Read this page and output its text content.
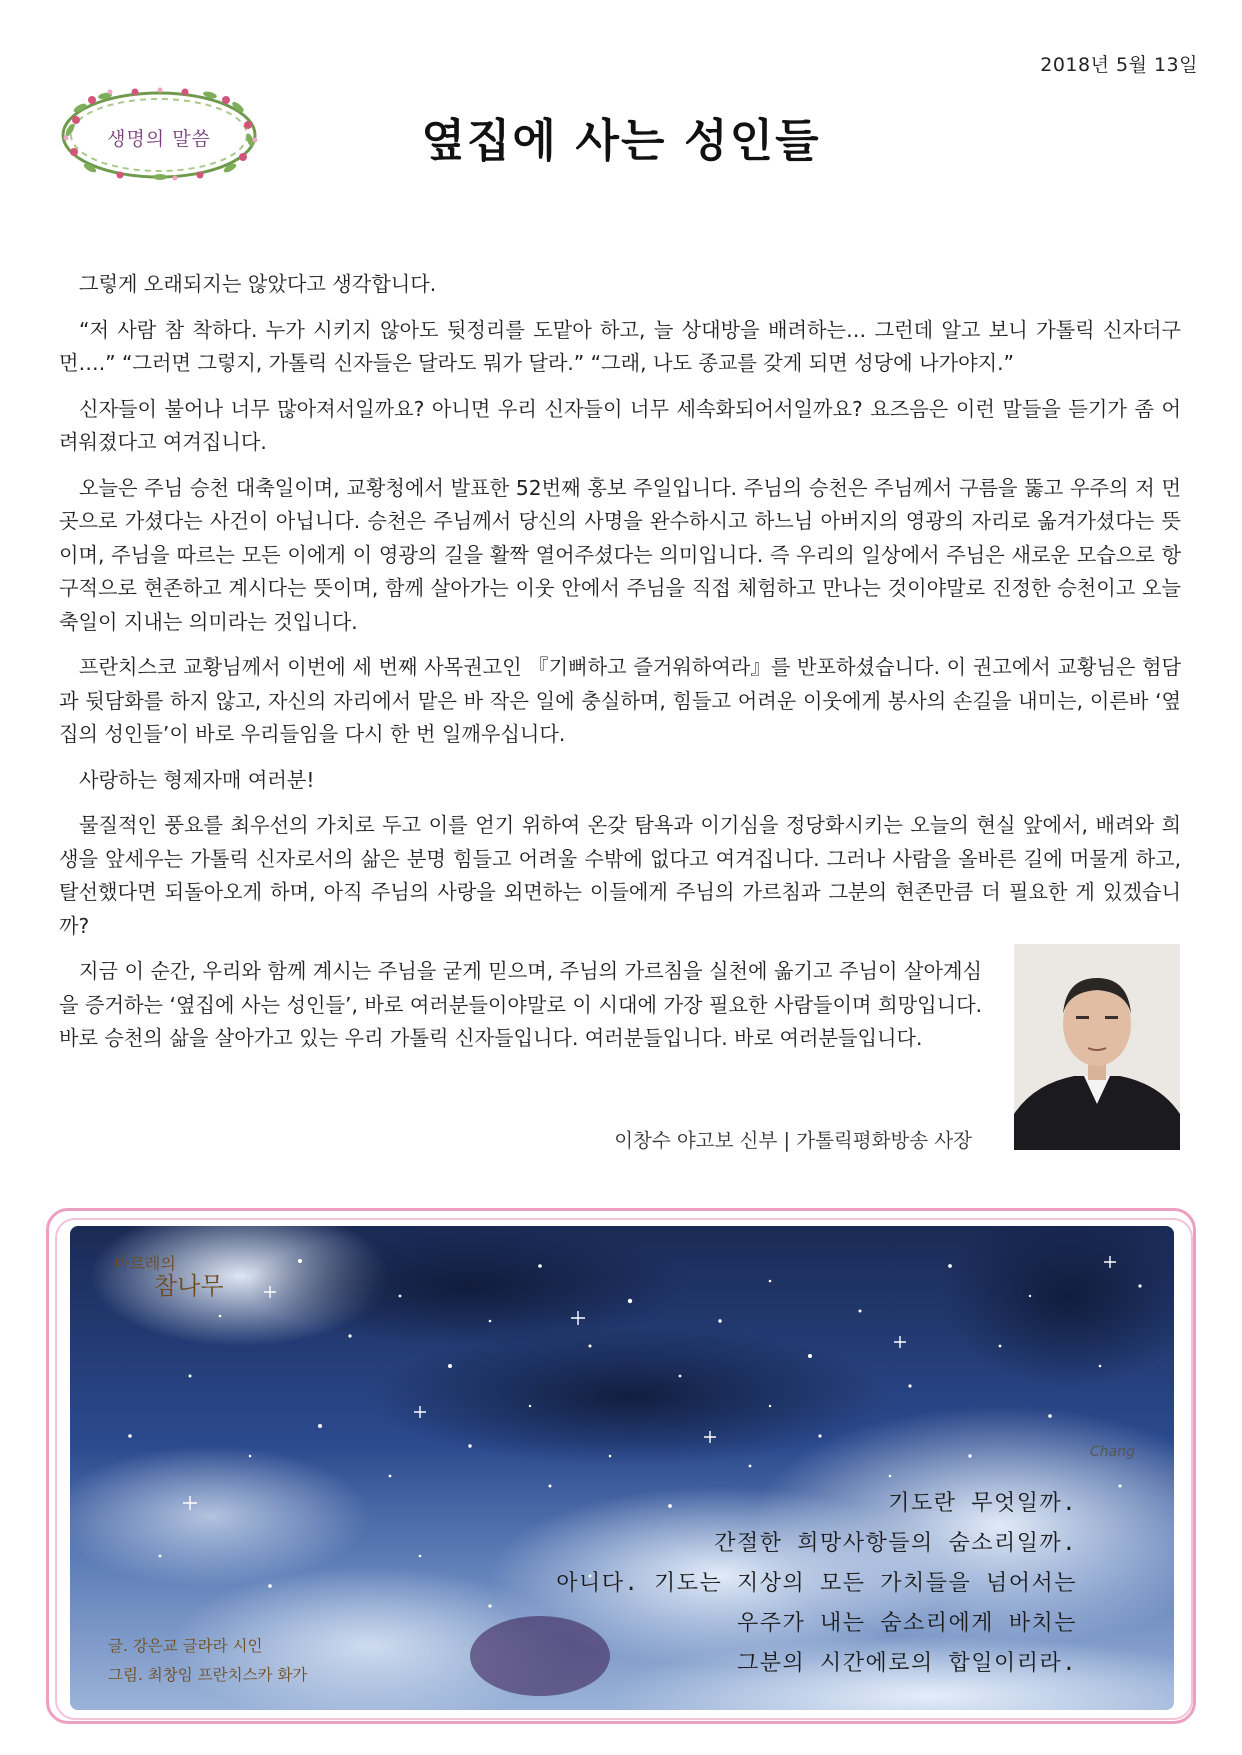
2018년 5월 13일
생명의 말씀	옆집에 사는 성인들

그렇게 오래되지는 않았다고 생각합니다.

“저 사람 참 착하다. 누가 시키지 않아도 뒷정리를 도맡아 하고, 늘 상대방을 배려하는… 그런데 알고 보니 가톨릭 신자더구먼….” “그러면 그렇지, 가톨릭 신자들은 달라도 뭐가 달라.” “그래, 나도 종교를 갖게 되면 성당에 나가야지.”

신자들이 불어나 너무 많아져서일까요? 아니면 우리 신자들이 너무 세속화되어서일까요? 요즈음은 이런 말들을 듣기가 좀 어려워졌다고 여겨집니다.

오늘은 주님 승천 대축일이며, 교황청에서 발표한 52번째 홍보 주일입니다. 주님의 승천은 주님께서 구름을 뚫고 우주의 저 먼 곳으로 가셨다는 사건이 아닙니다. 승천은 주님께서 당신의 사명을 완수하시고 하느님 아버지의 영광의 자리로 옮겨가셨다는 뜻이며, 주님을 따르는 모든 이에게 이 영광의 길을 활짝 열어주셨다는 의미입니다. 즉 우리의 일상에서 주님은 새로운 모습으로 항구적으로 현존하고 계시다는 뜻이며, 함께 살아가는 이웃 안에서 주님을 직접 체험하고 만나는 것이야말로 진정한 승천이고 오늘 축일이 지내는 의미라는 것입니다.

프란치스코 교황님께서 이번에 세 번째 사목권고인 『기뻐하고 즐거워하여라』를 반포하셨습니다. 이 권고에서 교황님은 험담과 뒷담화를 하지 않고, 자신의 자리에서 맡은 바 작은 일에 충실하며, 힘들고 어려운 이웃에게 봉사의 손길을 내미는, 이른바 ‘옆집의 성인들’이 바로 우리들임을 다시 한 번 일깨우십니다.

사랑하는 형제자매 여러분!

물질적인 풍요를 최우선의 가치로 두고 이를 얻기 위하여 온갖 탐욕과 이기심을 정당화시키는 오늘의 현실 앞에서, 배려와 희생을 앞세우는 가톨릭 신자로서의 삶은 분명 힘들고 어려울 수밖에 없다고 여겨집니다. 그러나 사람을 올바른 길에 머물게 하고, 탈선했다면 되돌아오게 하며, 아직 주님의 사랑을 외면하는 이들에게 주님의 가르침과 그분의 현존만큼 더 필요한 게 있겠습니까?

지금 이 순간, 우리와 함께 계시는 주님을 굳게 믿으며, 주님의 가르침을 실천에 옮기고 주님이 살아계심을 증거하는 ‘옆집에 사는 성인들’, 바로 여러분들이야말로 이 시대에 가장 필요한 사람들이며 희망입니다. 바로 승천의 삶을 살아가고 있는 우리 가톨릭 신자들입니다. 여러분들입니다. 바로 여러분들입니다.

이창수 야고보 신부 | 가톨릭평화방송 사장
마르레의
참나무
Chang
기도란 무엇일까.
간절한 희망사항들의 숨소리일까.
아니다. 기도는 지상의 모든 가치들을 넘어서는
우주가 내는 숨소리에게 바치는
그분의 시간에로의 합일이리라.
글. 강은교 글라라 시인
그림. 최창임 프란치스카 화가
